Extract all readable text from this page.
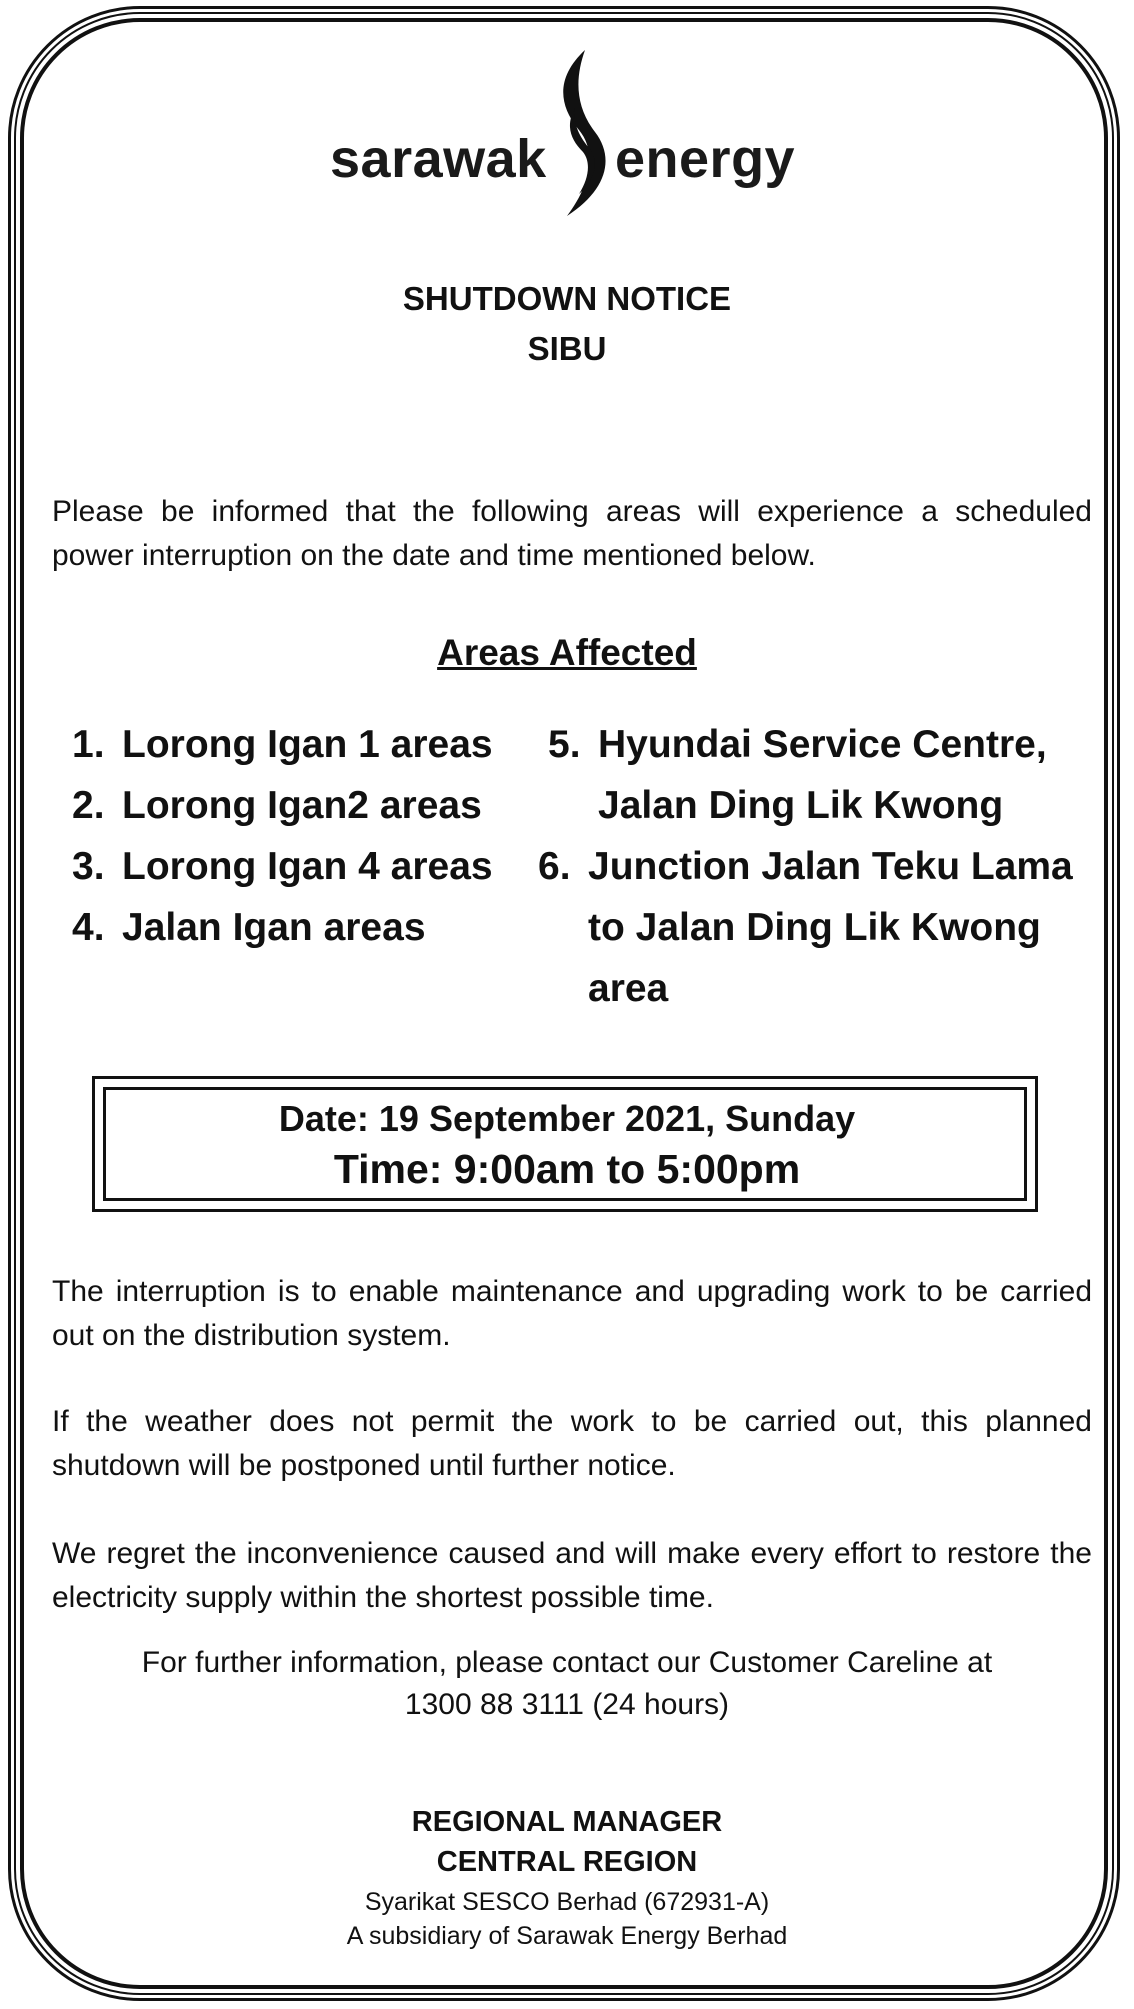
sarawak energy
SHUTDOWN NOTICE
SIBU
Please be informed that the following areas will experience a scheduled power interruption on the date and time mentioned below.
Areas Affected
1. Lorong Igan 1 areas
2. Lorong Igan2 areas
3. Lorong Igan 4 areas
4. Jalan Igan areas
5. Hyundai Service Centre,
Jalan Ding Lik Kwong
6. Junction Jalan Teku Lama
to Jalan Ding Lik Kwong
area
Date: 19 September 2021, Sunday
Time: 9:00am to 5:00pm
The interruption is to enable maintenance and upgrading work to be carried out on the distribution system.
If the weather does not permit the work to be carried out, this planned shutdown will be postponed until further notice.
We regret the inconvenience caused and will make every effort to restore the electricity supply within the shortest possible time.
For further information, please contact our Customer Careline at
1300 88 3111 (24 hours)
REGIONAL MANAGER
CENTRAL REGION
Syarikat SESCO Berhad (672931-A)
A subsidiary of Sarawak Energy Berhad
